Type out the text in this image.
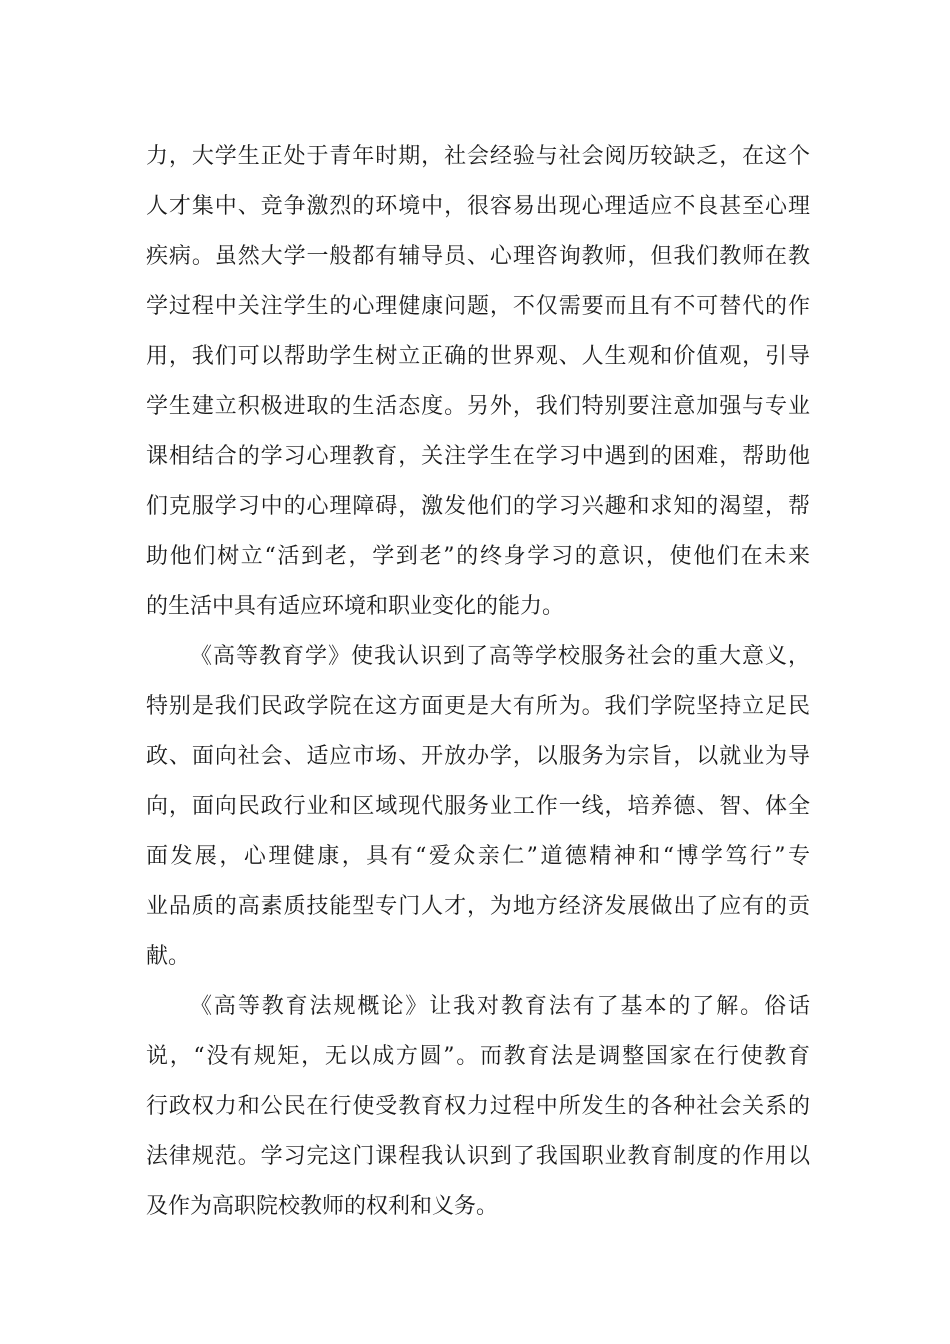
力，大学生正处于青年时期，社会经验与社会阅历较缺乏，在这个
人才集中、竞争激烈的环境中，很容易出现心理适应不良甚至心理
疾病。虽然大学一般都有辅导员、心理咨询教师，但我们教师在教
学过程中关注学生的心理健康问题，不仅需要而且有不可替代的作
用，我们可以帮助学生树立正确的世界观、人生观和价值观，引导
学生建立积极进取的生活态度。另外，我们特别要注意加强与专业
课相结合的学习心理教育，关注学生在学习中遇到的困难，帮助他
们克服学习中的心理障碍，激发他们的学习兴趣和求知的渴望，帮
助他们树立“活到老，学到老”的终身学习的意识，使他们在未来
的生活中具有适应环境和职业变化的能力。

《高等教育学》使我认识到了高等学校服务社会的重大意义，
特别是我们民政学院在这方面更是大有所为。我们学院坚持立足民
政、面向社会、适应市场、开放办学，以服务为宗旨，以就业为导
向，面向民政行业和区域现代服务业工作一线，培养德、智、体全
面发展，心理健康，具有“爱众亲仁”道德精神和“博学笃行”专
业品质的高素质技能型专门人才，为地方经济发展做出了应有的贡
献。

《高等教育法规概论》让我对教育法有了基本的了解。俗话
说，“没有规矩，无以成方圆”。而教育法是调整国家在行使教育
行政权力和公民在行使受教育权力过程中所发生的各种社会关系的
法律规范。学习完这门课程我认识到了我国职业教育制度的作用以
及作为高职院校教师的权利和义务。
